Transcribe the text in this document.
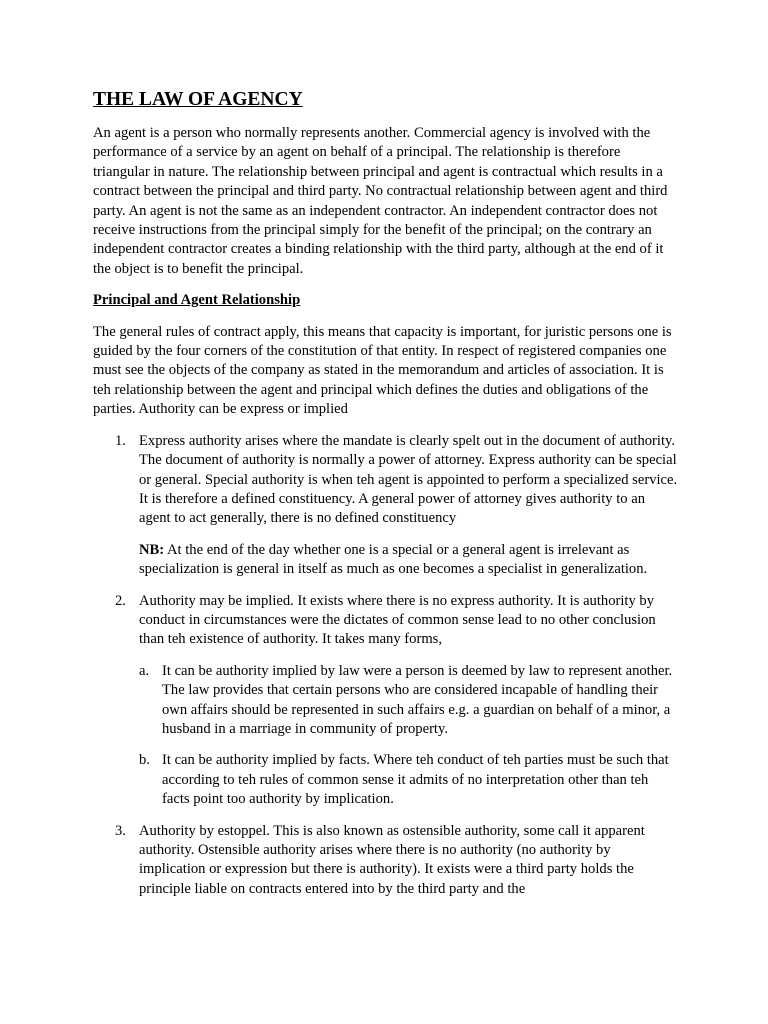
THE LAW OF AGENCY

An agent is a person who normally represents another. Commercial agency is involved with the performance of a service by an agent on behalf of a principal. The relationship is therefore triangular in nature. The relationship between principal and agent is contractual which results in a contract between the principal and third party. No contractual relationship between agent and third party. An agent is not the same as an independent contractor. An independent contractor does not receive instructions from the principal simply for the benefit of the principal; on the contrary an independent contractor creates a binding relationship with the third party, although at the end of it the object is to benefit the principal.

Principal and Agent Relationship

The general rules of contract apply, this means that capacity is important, for juristic persons one is guided by the four corners of the constitution of that entity. In respect of registered companies one must see the objects of the company as stated in the memorandum and articles of association. It is teh relationship between the agent and principal which defines the duties and obligations of the parties. Authority can be express or implied

1. Express authority arises where the mandate is clearly spelt out in the document of authority. The document of authority is normally a power of attorney. Express authority can be special or general. Special authority is when teh agent is appointed to perform a specialized service. It is therefore a defined constituency. A general power of attorney gives authority to an agent to act generally, there is no defined constituency

NB: At the end of the day whether one is a special or a general agent is irrelevant as specialization is general in itself as much as one becomes a specialist in generalization.

2. Authority may be implied. It exists where there is no express authority. It is authority by conduct in circumstances were the dictates of common sense lead to no other conclusion than teh existence of authority. It takes many forms,
a. It can be authority implied by law were a person is deemed by law to represent another. The law provides that certain persons who are considered incapable of handling their own affairs should be represented in such affairs e.g. a guardian on behalf of a minor, a husband in a marriage in community of property.
b. It can be authority implied by facts. Where teh conduct of teh parties must be such that according to teh rules of common sense it admits of no interpretation other than teh facts point too authority by implication.
3. Authority by estoppel. This is also known as ostensible authority, some call it apparent authority. Ostensible authority arises where there is no authority (no authority by implication or expression but there is authority). It exists were a third party holds the principle liable on contracts entered into by the third party and the
